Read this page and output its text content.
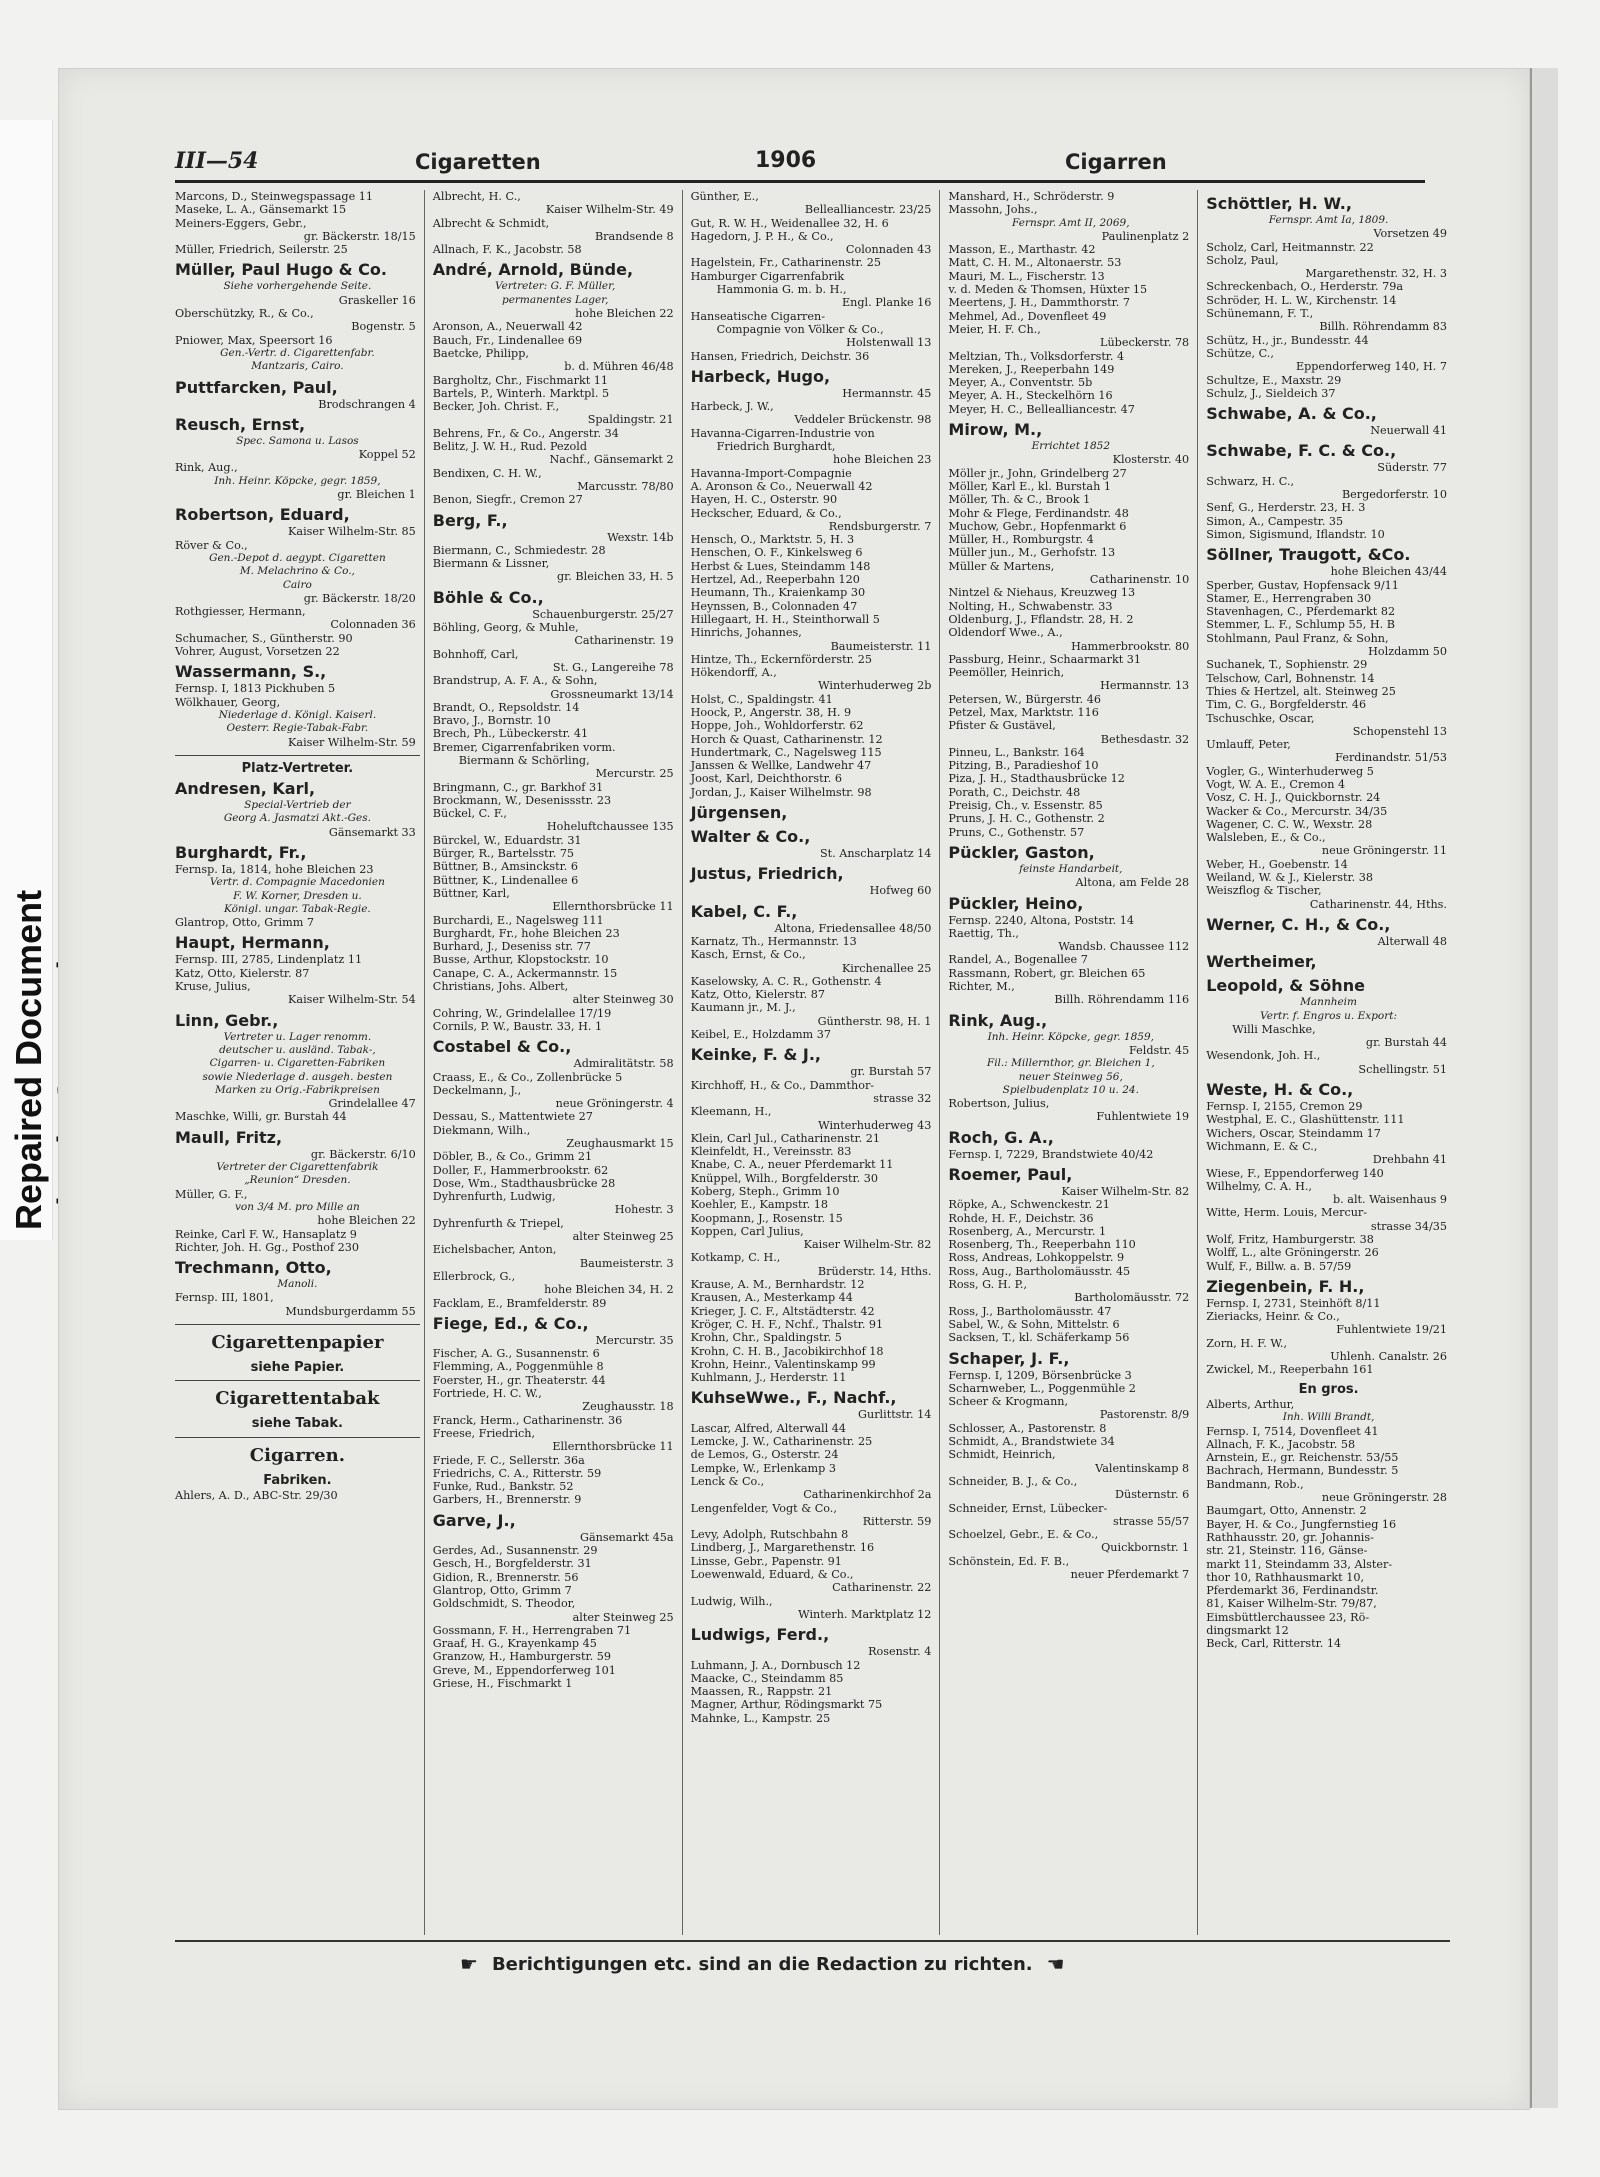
Repaired Document
III—54	Cigaretten	1906	Cigarren
Marcons, D., Steinwegspassage 11
Maseke, L. A., Gänsemarkt 15
Meiners-Eggers, Gebr.,
gr. Bäckerstr. 18/15
Müller, Friedrich, Seilerstr. 25
Müller, Paul Hugo & Co.
Siehe vorhergehende Seite.
Graskeller 16
Oberschützky, R., & Co.,
Bogenstr. 5
Pniower, Max, Speersort 16
Gen.-Vertr. d. Cigarettenfabr.
Mantzaris, Cairo.
Puttfarcken, Paul,
Brodschrangen 4
Reusch, Ernst,
Spec. Samona u. Lasos
Koppel 52
Rink, Aug.,
Inh. Heinr. Köpcke, gegr. 1859,
gr. Bleichen 1
Robertson, Eduard,
Kaiser Wilhelm-Str. 85
Röver & Co.,
Gen.-Depot d. aegypt. Cigaretten
M. Melachrino & Co.,
Cairo
gr. Bäckerstr. 18/20
Rothgiesser, Hermann,
Colonnaden 36
Schumacher, S., Güntherstr. 90
Vohrer, August, Vorsetzen 22
Wassermann, S.,
Fernsp. I, 1813 Pickhuben 5
Wölkhauer, Georg,
Niederlage d. Königl. Kaiserl.
Oesterr. Regie-Tabak-Fabr.
Kaiser Wilhelm-Str. 59
Platz-Vertreter.
Andresen, Karl,
Special-Vertrieb der
Georg A. Jasmatzi Akt.-Ges.
Gänsemarkt 33
Burghardt, Fr.,
Fernsp. Ia, 1814, hohe Bleichen 23
Vertr. d. Compagnie Macedonien
F. W. Korner, Dresden u.
Königl. ungar. Tabak-Regie.
Glantrop, Otto, Grimm 7
Haupt, Hermann,
Fernsp. III, 2785, Lindenplatz 11
Katz, Otto, Kielerstr. 87
Kruse, Julius,
Kaiser Wilhelm-Str. 54
Linn, Gebr.,
Vertreter u. Lager renomm.
deutscher u. ausländ. Tabak-,
Cigarren- u. Cigaretten-Fabriken
sowie Niederlage d. ausgeh. besten
Marken zu Orig.-Fabrikpreisen
Grindelallee 47
Maschke, Willi, gr. Burstah 44
Maull, Fritz,
gr. Bäckerstr. 6/10
Vertreter der Cigarettenfabrik
„Reunion“ Dresden.
Müller, G. F.,
von 3/4 M. pro Mille an
hohe Bleichen 22
Reinke, Carl F. W., Hansaplatz 9
Richter, Joh. H. Gg., Posthof 230
Trechmann, Otto,
Manoli.
Fernsp. III, 1801,
Mundsburgerdamm 55
Cigarettenpapier
siehe Papier.
Cigarettentabak
siehe Tabak.
Cigarren.
Fabriken.
Ahlers, A. D., ABC-Str. 29/30
Albrecht, H. C.,
Kaiser Wilhelm-Str. 49
Albrecht & Schmidt,
Brandsende 8
Allnach, F. K., Jacobstr. 58
André, Arnold, Bünde,
Vertreter: G. F. Müller,
permanentes Lager,
hohe Bleichen 22
Aronson, A., Neuerwall 42
Bauch, Fr., Lindenallee 69
Baetcke, Philipp,
b. d. Mühren 46/48
Bargholtz, Chr., Fischmarkt 11
Bartels, P., Winterh. Marktpl. 5
Becker, Joh. Christ. F.,
Spaldingstr. 21
Behrens, Fr., & Co., Angerstr. 34
Belitz, J. W. H., Rud. Pezold
Nachf., Gänsemarkt 2
Bendixen, C. H. W.,
Marcusstr. 78/80
Benon, Siegfr., Cremon 27
Berg, F.,
Wexstr. 14b
Biermann, C., Schmiedestr. 28
Biermann & Lissner,
gr. Bleichen 33, H. 5
Böhle & Co.,
Schauenburgerstr. 25/27
Böhling, Georg, & Muhle,
Catharinenstr. 19
Bohnhoff, Carl,
St. G., Langereihe 78
Brandstrup, A. F. A., & Sohn,
Grossneumarkt 13/14
Brandt, O., Repsoldstr. 14
Bravo, J., Bornstr. 10
Brech, Ph., Lübeckerstr. 41
Bremer, Cigarrenfabriken vorm.
Biermann & Schörling,
Mercurstr. 25
Bringmann, C., gr. Barkhof 31
Brockmann, W., Desenissstr. 23
Bückel, C. F.,
Hoheluftchaussee 135
Bürckel, W., Eduardstr. 31
Bürger, R., Bartelsstr. 75
Büttner, B., Amsinckstr. 6
Büttner, K., Lindenallee 6
Büttner, Karl,
Ellernthorsbrücke 11
Burchardi, E., Nagelsweg 111
Burghardt, Fr., hohe Bleichen 23
Burhard, J., Deseniss str. 77
Busse, Arthur, Klopstockstr. 10
Canape, C. A., Ackermannstr. 15
Christians, Johs. Albert,
alter Steinweg 30
Cohring, W., Grindelallee 17/19
Cornils, P. W., Baustr. 33, H. 1
Costabel & Co.,
Admiralitätstr. 58
Craass, E., & Co., Zollenbrücke 5
Deckelmann, J.,
neue Gröningerstr. 4
Dessau, S., Mattentwiete 27
Diekmann, Wilh.,
Zeughausmarkt 15
Döbler, B., & Co., Grimm 21
Doller, F., Hammerbrookstr. 62
Dose, Wm., Stadthausbrücke 28
Dyhrenfurth, Ludwig,
Hohestr. 3
Dyhrenfurth & Triepel,
alter Steinweg 25
Eichelsbacher, Anton,
Baumeisterstr. 3
Ellerbrock, G.,
hohe Bleichen 34, H. 2
Facklam, E., Bramfelderstr. 89
Fiege, Ed., & Co.,
Mercurstr. 35
Fischer, A. G., Susannenstr. 6
Flemming, A., Poggenmühle 8
Foerster, H., gr. Theaterstr. 44
Fortriede, H. C. W.,
Zeughausstr. 18
Franck, Herm., Catharinenstr. 36
Freese, Friedrich,
Ellernthorsbrücke 11
Friede, F. C., Sellerstr. 36a
Friedrichs, C. A., Ritterstr. 59
Funke, Rud., Bankstr. 52
Garbers, H., Brennerstr. 9
Garve, J.,
Gänsemarkt 45a
Gerdes, Ad., Susannenstr. 29
Gesch, H., Borgfelderstr. 31
Gidion, R., Brennerstr. 56
Glantrop, Otto, Grimm 7
Goldschmidt, S. Theodor,
alter Steinweg 25
Gossmann, F. H., Herrengraben 71
Graaf, H. G., Krayenkamp 45
Granzow, H., Hamburgerstr. 59
Greve, M., Eppendorferweg 101
Griese, H., Fischmarkt 1
Günther, E.,
Bellealliancestr. 23/25
Gut, R. W. H., Weidenallee 32, H. 6
Hagedorn, J. P. H., & Co.,
Colonnaden 43
Hagelstein, Fr., Catharinenstr. 25
Hamburger Cigarrenfabrik
Hammonia G. m. b. H.,
Engl. Planke 16
Hanseatische Cigarren-
Compagnie von Völker & Co.,
Holstenwall 13
Hansen, Friedrich, Deichstr. 36
Harbeck, Hugo,
Hermannstr. 45
Harbeck, J. W.,
Veddeler Brückenstr. 98
Havanna-Cigarren-Industrie von
Friedrich Burghardt,
hohe Bleichen 23
Havanna-Import-Compagnie
A. Aronson & Co., Neuerwall 42
Hayen, H. C., Osterstr. 90
Heckscher, Eduard, & Co.,
Rendsburgerstr. 7
Hensch, O., Marktstr. 5, H. 3
Henschen, O. F., Kinkelsweg 6
Herbst & Lues, Steindamm 148
Hertzel, Ad., Reeperbahn 120
Heumann, Th., Kraienkamp 30
Heynssen, B., Colonnaden 47
Hillegaart, H. H., Steinthorwall 5
Hinrichs, Johannes,
Baumeisterstr. 11
Hintze, Th., Eckernförderstr. 25
Hökendorff, A.,
Winterhuderweg 2b
Holst, C., Spaldingstr. 41
Hoock, P., Angerstr. 38, H. 9
Hoppe, Joh., Wohldorferstr. 62
Horch & Quast, Catharinenstr. 12
Hundertmark, C., Nagelsweg 115
Janssen & Wellke, Landwehr 47
Joost, Karl, Deichthorstr. 6
Jordan, J., Kaiser Wilhelmstr. 98
Jürgensen,
Walter & Co.,
St. Anscharplatz 14
Justus, Friedrich,
Hofweg 60
Kabel, C. F.,
Altona, Friedensallee 48/50
Karnatz, Th., Hermannstr. 13
Kasch, Ernst, & Co.,
Kirchenallee 25
Kaselowsky, A. C. R., Gothenstr. 4
Katz, Otto, Kielerstr. 87
Kaumann jr., M. J.,
Güntherstr. 98, H. 1
Keibel, E., Holzdamm 37
Keinke, F. & J.,
gr. Burstah 57
Kirchhoff, H., & Co., Dammthor-
strasse 32
Kleemann, H.,
Winterhuderweg 43
Klein, Carl Jul., Catharinenstr. 21
Kleinfeldt, H., Vereinsstr. 83
Knabe, C. A., neuer Pferdemarkt 11
Knüppel, Wilh., Borgfelderstr. 30
Koberg, Steph., Grimm 10
Koehler, E., Kampstr. 18
Koopmann, J., Rosenstr. 15
Koppen, Carl Julius,
Kaiser Wilhelm-Str. 82
Kotkamp, C. H.,
Brüderstr. 14, Hths.
Krause, A. M., Bernhardstr. 12
Krausen, A., Mesterkamp 44
Krieger, J. C. F., Altstädterstr. 42
Kröger, C. H. F., Nchf., Thalstr. 91
Krohn, Chr., Spaldingstr. 5
Krohn, C. H. B., Jacobikirchhof 18
Krohn, Heinr., Valentinskamp 99
Kuhlmann, J., Herderstr. 11
KuhseWwe., F., Nachf.,
Gurlittstr. 14
Lascar, Alfred, Alterwall 44
Lemcke, J. W., Catharinenstr. 25
de Lemos, G., Osterstr. 24
Lempke, W., Erlenkamp 3
Lenck & Co.,
Catharinenkirchhof 2a
Lengenfelder, Vogt & Co.,
Ritterstr. 59
Levy, Adolph, Rutschbahn 8
Lindberg, J., Margarethenstr. 16
Linsse, Gebr., Papenstr. 91
Loewenwald, Eduard, & Co.,
Catharinenstr. 22
Ludwig, Wilh.,
Winterh. Marktplatz 12
Ludwigs, Ferd.,
Rosenstr. 4
Luhmann, J. A., Dornbusch 12
Maacke, C., Steindamm 85
Maassen, R., Rappstr. 21
Magner, Arthur, Rödingsmarkt 75
Mahnke, L., Kampstr. 25
Manshard, H., Schröderstr. 9
Massohn, Johs.,
Fernspr. Amt II, 2069,
Paulinenplatz 2
Masson, E., Marthastr. 42
Matt, C. H. M., Altonaerstr. 53
Mauri, M. L., Fischerstr. 13
v. d. Meden & Thomsen, Hüxter 15
Meertens, J. H., Dammthorstr. 7
Mehmel, Ad., Dovenfleet 49
Meier, H. F. Ch.,
Lübeckerstr. 78
Meltzian, Th., Volksdorferstr. 4
Mereken, J., Reeperbahn 149
Meyer, A., Conventstr. 5b
Meyer, A. H., Steckelhörn 16
Meyer, H. C., Bellealliancestr. 47
Mirow, M.,
Errichtet 1852
Klosterstr. 40
Möller jr., John, Grindelberg 27
Möller, Karl E., kl. Burstah 1
Möller, Th. & C., Brook 1
Mohr & Flege, Ferdinandstr. 48
Muchow, Gebr., Hopfenmarkt 6
Müller, H., Romburgstr. 4
Müller jun., M., Gerhofstr. 13
Müller & Martens,
Catharinenstr. 10
Nintzel & Niehaus, Kreuzweg 13
Nolting, H., Schwabenstr. 33
Oldenburg, J., Fflandstr. 28, H. 2
Oldendorf Wwe., A.,
Hammerbrookstr. 80
Passburg, Heinr., Schaarmarkt 31
Peemöller, Heinrich,
Hermannstr. 13
Petersen, W., Bürgerstr. 46
Petzel, Max, Marktstr. 116
Pfister & Gustävel,
Bethesdastr. 32
Pinneu, L., Bankstr. 164
Pitzing, B., Paradieshof 10
Piza, J. H., Stadthausbrücke 12
Porath, C., Deichstr. 48
Preisig, Ch., v. Essenstr. 85
Pruns, J. H. C., Gothenstr. 2
Pruns, C., Gothenstr. 57
Pückler, Gaston,
feinste Handarbeit,
Altona, am Felde 28
Pückler, Heino,
Fernsp. 2240, Altona, Poststr. 14
Raettig, Th.,
Wandsb. Chaussee 112
Randel, A., Bogenallee 7
Rassmann, Robert, gr. Bleichen 65
Richter, M.,
Billh. Röhrendamm 116
Rink, Aug.,
Inh. Heinr. Köpcke, gegr. 1859,
Feldstr. 45
Fil.: Millernthor, gr. Bleichen 1,
neuer Steinweg 56,
Spielbudenplatz 10 u. 24.
Robertson, Julius,
Fuhlentwiete 19
Roch, G. A.,
Fernsp. I, 7229, Brandstwiete 40/42
Roemer, Paul,
Kaiser Wilhelm-Str. 82
Röpke, A., Schwenckestr. 21
Rohde, H. F., Deichstr. 36
Rosenberg, A., Mercurstr. 1
Rosenberg, Th., Reeperbahn 110
Ross, Andreas, Lohkoppelstr. 9
Ross, Aug., Bartholomäusstr. 45
Ross, G. H. P.,
Bartholomäusstr. 72
Ross, J., Bartholomäusstr. 47
Sabel, W., & Sohn, Mittelstr. 6
Sacksen, T., kl. Schäferkamp 56
Schaper, J. F.,
Fernsp. I, 1209, Börsenbrücke 3
Scharnweber, L., Poggenmühle 2
Scheer & Krogmann,
Pastorenstr. 8/9
Schlosser, A., Pastorenstr. 8
Schmidt, A., Brandstwiete 34
Schmidt, Heinrich,
Valentinskamp 8
Schneider, B. J., & Co.,
Düsternstr. 6
Schneider, Ernst, Lübecker-
strasse 55/57
Schoelzel, Gebr., E. & Co.,
Quickbornstr. 1
Schönstein, Ed. F. B.,
neuer Pferdemarkt 7
Schöttler, H. W.,
Fernspr. Amt Ia, 1809.
Vorsetzen 49
Scholz, Carl, Heitmannstr. 22
Scholz, Paul,
Margarethenstr. 32, H. 3
Schreckenbach, O., Herderstr. 79a
Schröder, H. L. W., Kirchenstr. 14
Schünemann, F. T.,
Billh. Röhrendamm 83
Schütz, H., jr., Bundesstr. 44
Schütze, C.,
Eppendorferweg 140, H. 7
Schultze, E., Maxstr. 29
Schulz, J., Sieldeich 37
Schwabe, A. & Co.,
Neuerwall 41
Schwabe, F. C. & Co.,
Süderstr. 77
Schwarz, H. C.,
Bergedorferstr. 10
Senf, G., Herderstr. 23, H. 3
Simon, A., Campestr. 35
Simon, Sigismund, Iflandstr. 10
Söllner, Traugott, &Co.
hohe Bleichen 43/44
Sperber, Gustav, Hopfensack 9/11
Stamer, E., Herrengraben 30
Stavenhagen, C., Pferdemarkt 82
Stemmer, L. F., Schlump 55, H. B
Stohlmann, Paul Franz, & Sohn,
Holzdamm 50
Suchanek, T., Sophienstr. 29
Telschow, Carl, Bohnenstr. 14
Thies & Hertzel, alt. Steinweg 25
Tim, C. G., Borgfelderstr. 46
Tschuschke, Oscar,
Schopenstehl 13
Umlauff, Peter,
Ferdinandstr. 51/53
Vogler, G., Winterhuderweg 5
Vogt, W. A. E., Cremon 4
Vosz, C. H. J., Quickbornstr. 24
Wacker & Co., Mercurstr. 34/35
Wagener, C. C. W., Wexstr. 28
Walsleben, E., & Co.,
neue Gröningerstr. 11
Weber, H., Goebenstr. 14
Weiland, W. & J., Kielerstr. 38
Weiszflog & Tischer,
Catharinenstr. 44, Hths.
Werner, C. H., & Co.,
Alterwall 48
Wertheimer,
Leopold, & Söhne
Mannheim
Vertr. f. Engros u. Export:
Willi Maschke,
gr. Burstah 44
Wesendonk, Joh. H.,
Schellingstr. 51
Weste, H. & Co.,
Fernsp. I, 2155, Cremon 29
Westphal, E. C., Glashüttenstr. 111
Wichers, Oscar, Steindamm 17
Wichmann, E. & C.,
Drehbahn 41
Wiese, F., Eppendorferweg 140
Wilhelmy, C. A. H.,
b. alt. Waisenhaus 9
Witte, Herm. Louis, Mercur-
strasse 34/35
Wolf, Fritz, Hamburgerstr. 38
Wolff, L., alte Gröningerstr. 26
Wulf, F., Billw. a. B. 57/59
Ziegenbein, F. H.,
Fernsp. I, 2731, Steinhöft 8/11
Zieriacks, Heinr. & Co.,
Fuhlentwiete 19/21
Zorn, H. F. W.,
Uhlenh. Canalstr. 26
Zwickel, M., Reeperbahn 161
En gros.
Alberts, Arthur,
Inh. Willi Brandt,
Fernsp. I, 7514, Dovenfleet 41
Allnach, F. K., Jacobstr. 58
Arnstein, E., gr. Reichenstr. 53/55
Bachrach, Hermann, Bundesstr. 5
Bandmann, Rob.,
neue Gröningerstr. 28
Baumgart, Otto, Annenstr. 2
Bayer, H. & Co., Jungfernstieg 16
Rathhausstr. 20, gr. Johannis-
str. 21, Steinstr. 116, Gänse-
markt 11, Steindamm 33, Alster-
thor 10, Rathhausmarkt 10,
Pferdemarkt 36, Ferdinandstr.
81, Kaiser Wilhelm-Str. 79/87,
Eimsbüttlerchaussee 23, Rö-
dingsmarkt 12
Beck, Carl, Ritterstr. 14
☛ Berichtigungen etc. sind an die Redaction zu richten. ☚
